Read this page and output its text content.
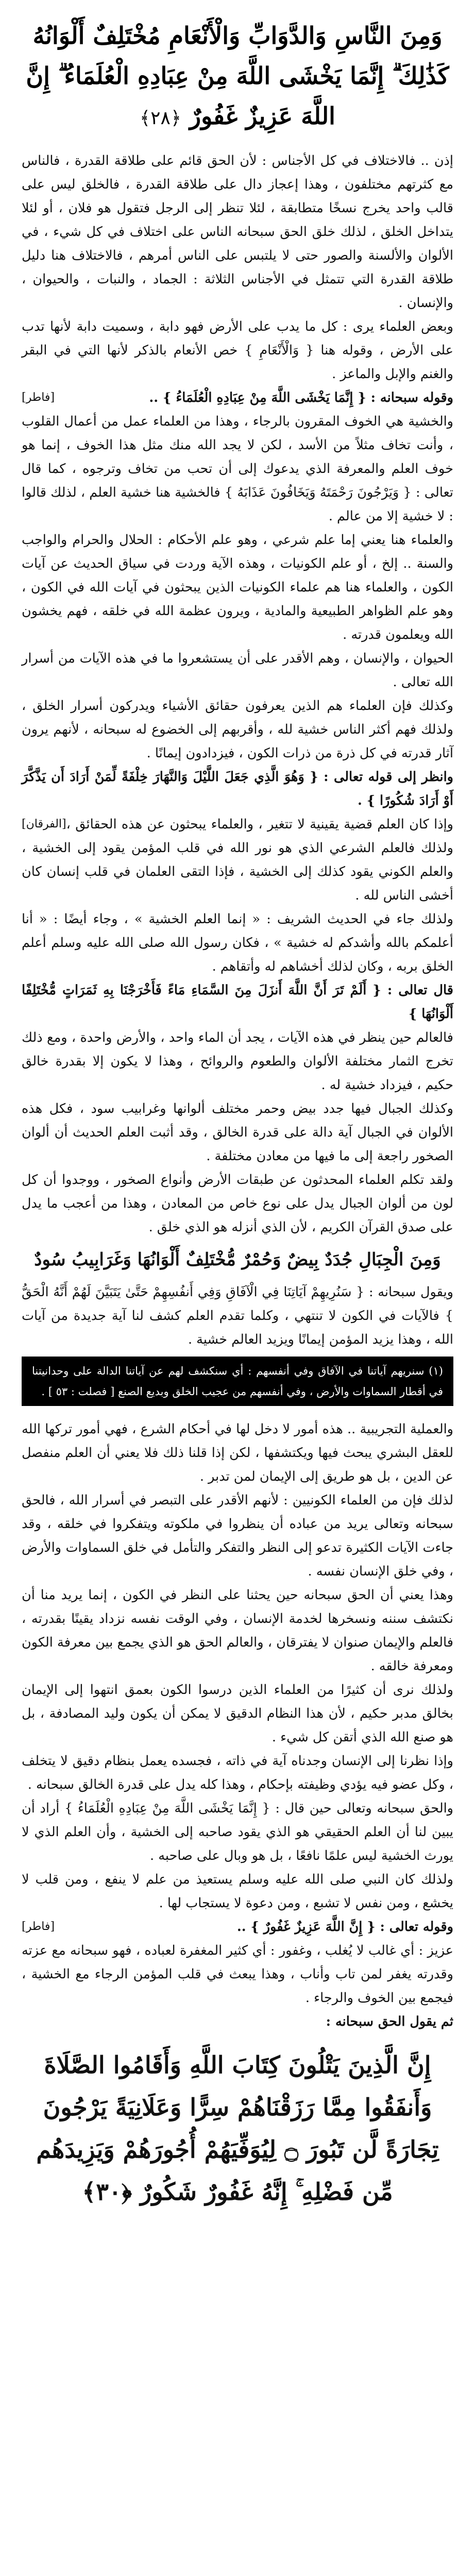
وَمِنَ النَّاسِ وَالدَّوَابِّ وَالْأَنْعَامِ مُخْتَلِفٌ أَلْوَانُهُ كَذَٰلِكَ ۗ إِنَّمَا يَخْشَى اللَّهَ مِنْ عِبَادِهِ الْعُلَمَاءُ ۗ إِنَّ اللَّهَ عَزِيزٌ غَفُورٌ ﴿٢٨﴾

إذن .. فالاختلاف في كل الأجناس : لأن الحق قائم على طلاقة القدرة ، فالناس مع كثرتهم مختلفون ، وهذا إعجاز دال على طلاقة القدرة ، فالخلق ليس على قالب واحد يخرج نسخًا متطابقة ، لئلا تنظر إلى الرجل فتقول هو فلان ، أو لئلا يتداخل الخلق ، لذلك خلق الحق سبحانه الناس على اختلاف في كل شيء ، في الألوان والألسنة والصور حتى لا يلتبس على الناس أمرهم ، فالاختلاف هنا دليل طلاقة القدرة التي تتمثل في الأجناس الثلاثة : الجماد ، والنبات ، والحيوان ، والإنسان .

وبعض العلماء يرى : كل ما يدب على الأرض فهو دابة ، وسميت دابة لأنها تدب على الأرض ، وقوله هنا { وَالْأَنْعَامِ } خص الأنعام بالذكر لأنها التي في البقر والغنم والإبل والماعز .

وقوله سبحانه : { إِنَّمَا يَخْشَى اللَّهَ مِنْ عِبَادِهِ الْعُلَمَاءُ } ..
[فاطر]

والخشية هي الخوف المقرون بالرجاء ، وهذا من العلماء عمل من أعمال القلوب ، وأنت تخاف مثلاً من الأسد ، لكن لا يجد الله منك مثل هذا الخوف ، إنما هو خوف العلم والمعرفة الذي يدعوك إلى أن تحب من تخاف وترجوه ، كما قال تعالى : { وَيَرْجُونَ رَحْمَتَهُ وَيَخَافُونَ عَذَابَهُ } فالخشية هنا خشية العلم ، لذلك قالوا : لا خشية إلا من عالم .

والعلماء هنا يعني إما علم شرعي ، وهو علم الأحكام : الحلال والحرام والواجب والسنة .. إلخ ، أو علم الكونيات ، وهذه الآية وردت في سياق الحديث عن آيات الكون ، والعلماء هنا هم علماء الكونيات الذين يبحثون في آيات الله في الكون ، وهو علم الظواهر الطبيعية والمادية ، ويرون عظمة الله في خلقه ، فهم يخشون الله ويعلمون قدرته .

الحيوان ، والإنسان ، وهم الأقدر على أن يستشعروا ما في هذه الآيات من أسرار الله تعالى .

وكذلك فإن العلماء هم الذين يعرفون حقائق الأشياء ويدركون أسرار الخلق ، ولذلك فهم أكثر الناس خشية لله ، وأقربهم إلى الخضوع له سبحانه ، لأنهم يرون آثار قدرته في كل ذرة من ذرات الكون ، فيزدادون إيمانًا .

وانظر إلى قوله تعالى : { وَهُوَ الَّذِي جَعَلَ اللَّيْلَ وَالنَّهَارَ خِلْفَةً لِّمَنْ أَرَادَ أَن يَذَّكَّرَ أَوْ أَرَادَ شُكُورًا } .

[الفرقان] وإذا كان العلم قضية يقينية لا تتغير ، والعلماء يبحثون عن هذه الحقائق ، ولذلك فالعلم الشرعي الذي هو نور الله في قلب المؤمن يقود إلى الخشية ، والعلم الكوني يقود كذلك إلى الخشية ، فإذا التقى العلمان في قلب إنسان كان أخشى الناس لله .

ولذلك جاء في الحديث الشريف : « إنما العلم الخشية » ، وجاء أيضًا : « أنا أعلمكم بالله وأشدكم له خشية » ، فكان رسول الله صلى الله عليه وسلم أعلم الخلق بربه ، وكان لذلك أخشاهم له وأتقاهم .

قال تعالى : { أَلَمْ تَرَ أَنَّ اللَّهَ أَنزَلَ مِنَ السَّمَاءِ مَاءً فَأَخْرَجْنَا بِهِ ثَمَرَاتٍ مُّخْتَلِفًا أَلْوَانُهَا }

فالعالم حين ينظر في هذه الآيات ، يجد أن الماء واحد ، والأرض واحدة ، ومع ذلك تخرج الثمار مختلفة الألوان والطعوم والروائح ، وهذا لا يكون إلا بقدرة خالق حكيم ، فيزداد خشية له .

وكذلك الجبال فيها جدد بيض وحمر مختلف ألوانها وغرابيب سود ، فكل هذه الألوان في الجبال آية دالة على قدرة الخالق ، وقد أثبت العلم الحديث أن ألوان الصخور راجعة إلى ما فيها من معادن مختلفة .

ولقد تكلم العلماء المحدثون عن طبقات الأرض وأنواع الصخور ، ووجدوا أن كل لون من ألوان الجبال يدل على نوع خاص من المعادن ، وهذا من أعجب ما يدل على صدق القرآن الكريم ، لأن الذي أنزله هو الذي خلق .

وَمِنَ الْجِبَالِ جُدَدٌ بِيضٌ وَحُمْرٌ مُّخْتَلِفٌ أَلْوَانُهَا وَغَرَابِيبُ سُودٌ

ويقول سبحانه : { سَنُرِيهِمْ آيَاتِنَا فِي الْآفَاقِ وَفِي أَنفُسِهِمْ حَتَّىٰ يَتَبَيَّنَ لَهُمْ أَنَّهُ الْحَقُّ } فالآيات في الكون لا تنتهي ، وكلما تقدم العلم كشف لنا آية جديدة من آيات الله ، وهذا يزيد المؤمن إيمانًا ويزيد العالم خشية .

(١) سنريهم آياتنا في الآفاق وفي أنفسهم : أي سنكشف لهم عن آياتنا الدالة على وحدانيتنا في أقطار السماوات والأرض ، وفي أنفسهم من عجيب الخلق وبديع الصنع [ فصلت : ٥٣ ] .

والعملية التجريبية .. هذه أمور لا دخل لها في أحكام الشرع ، فهي أمور تركها الله للعقل البشري يبحث فيها ويكتشفها ، لكن إذا قلنا ذلك فلا يعني أن العلم منفصل عن الدين ، بل هو طريق إلى الإيمان لمن تدبر .

لذلك فإن من العلماء الكونيين : لأنهم الأقدر على التبصر في أسرار الله ، فالحق سبحانه وتعالى يريد من عباده أن ينظروا في ملكوته ويتفكروا في خلقه ، وقد جاءت الآيات الكثيرة تدعو إلى النظر والتفكر والتأمل في خلق السماوات والأرض ، وفي خلق الإنسان نفسه .

وهذا يعني أن الحق سبحانه حين يحثنا على النظر في الكون ، إنما يريد منا أن نكتشف سننه ونسخرها لخدمة الإنسان ، وفي الوقت نفسه نزداد يقينًا بقدرته ، فالعلم والإيمان صنوان لا يفترقان ، والعالم الحق هو الذي يجمع بين معرفة الكون ومعرفة خالقه .

ولذلك نرى أن كثيرًا من العلماء الذين درسوا الكون بعمق انتهوا إلى الإيمان بخالق مدبر حكيم ، لأن هذا النظام الدقيق لا يمكن أن يكون وليد المصادفة ، بل هو صنع الله الذي أتقن كل شيء .

وإذا نظرنا إلى الإنسان وجدناه آية في ذاته ، فجسده يعمل بنظام دقيق لا يتخلف ، وكل عضو فيه يؤدي وظيفته بإحكام ، وهذا كله يدل على قدرة الخالق سبحانه .

والحق سبحانه وتعالى حين قال : { إِنَّمَا يَخْشَى اللَّهَ مِنْ عِبَادِهِ الْعُلَمَاءُ } أراد أن يبين لنا أن العلم الحقيقي هو الذي يقود صاحبه إلى الخشية ، وأن العلم الذي لا يورث الخشية ليس علمًا نافعًا ، بل هو وبال على صاحبه .

ولذلك كان النبي صلى الله عليه وسلم يستعيذ من علم لا ينفع ، ومن قلب لا يخشع ، ومن نفس لا تشبع ، ومن دعوة لا يستجاب لها .

وقوله تعالى : { إِنَّ اللَّهَ عَزِيزٌ غَفُورٌ } ..
[فاطر]

عزيز : أي غالب لا يُغلب ، وغفور : أي كثير المغفرة لعباده ، فهو سبحانه مع عزته وقدرته يغفر لمن تاب وأناب ، وهذا يبعث في قلب المؤمن الرجاء مع الخشية ، فيجمع بين الخوف والرجاء .

ثم يقول الحق سبحانه :

إِنَّ الَّذِينَ يَتْلُونَ كِتَابَ اللَّهِ وَأَقَامُوا الصَّلَاةَ وَأَنفَقُوا مِمَّا رَزَقْنَاهُمْ سِرًّا وَعَلَانِيَةً يَرْجُونَ تِجَارَةً لَّن تَبُورَ ۝ لِيُوَفِّيَهُمْ أُجُورَهُمْ وَيَزِيدَهُم مِّن فَضْلِهِ ۚ إِنَّهُ غَفُورٌ شَكُورٌ ﴿٣٠﴾
